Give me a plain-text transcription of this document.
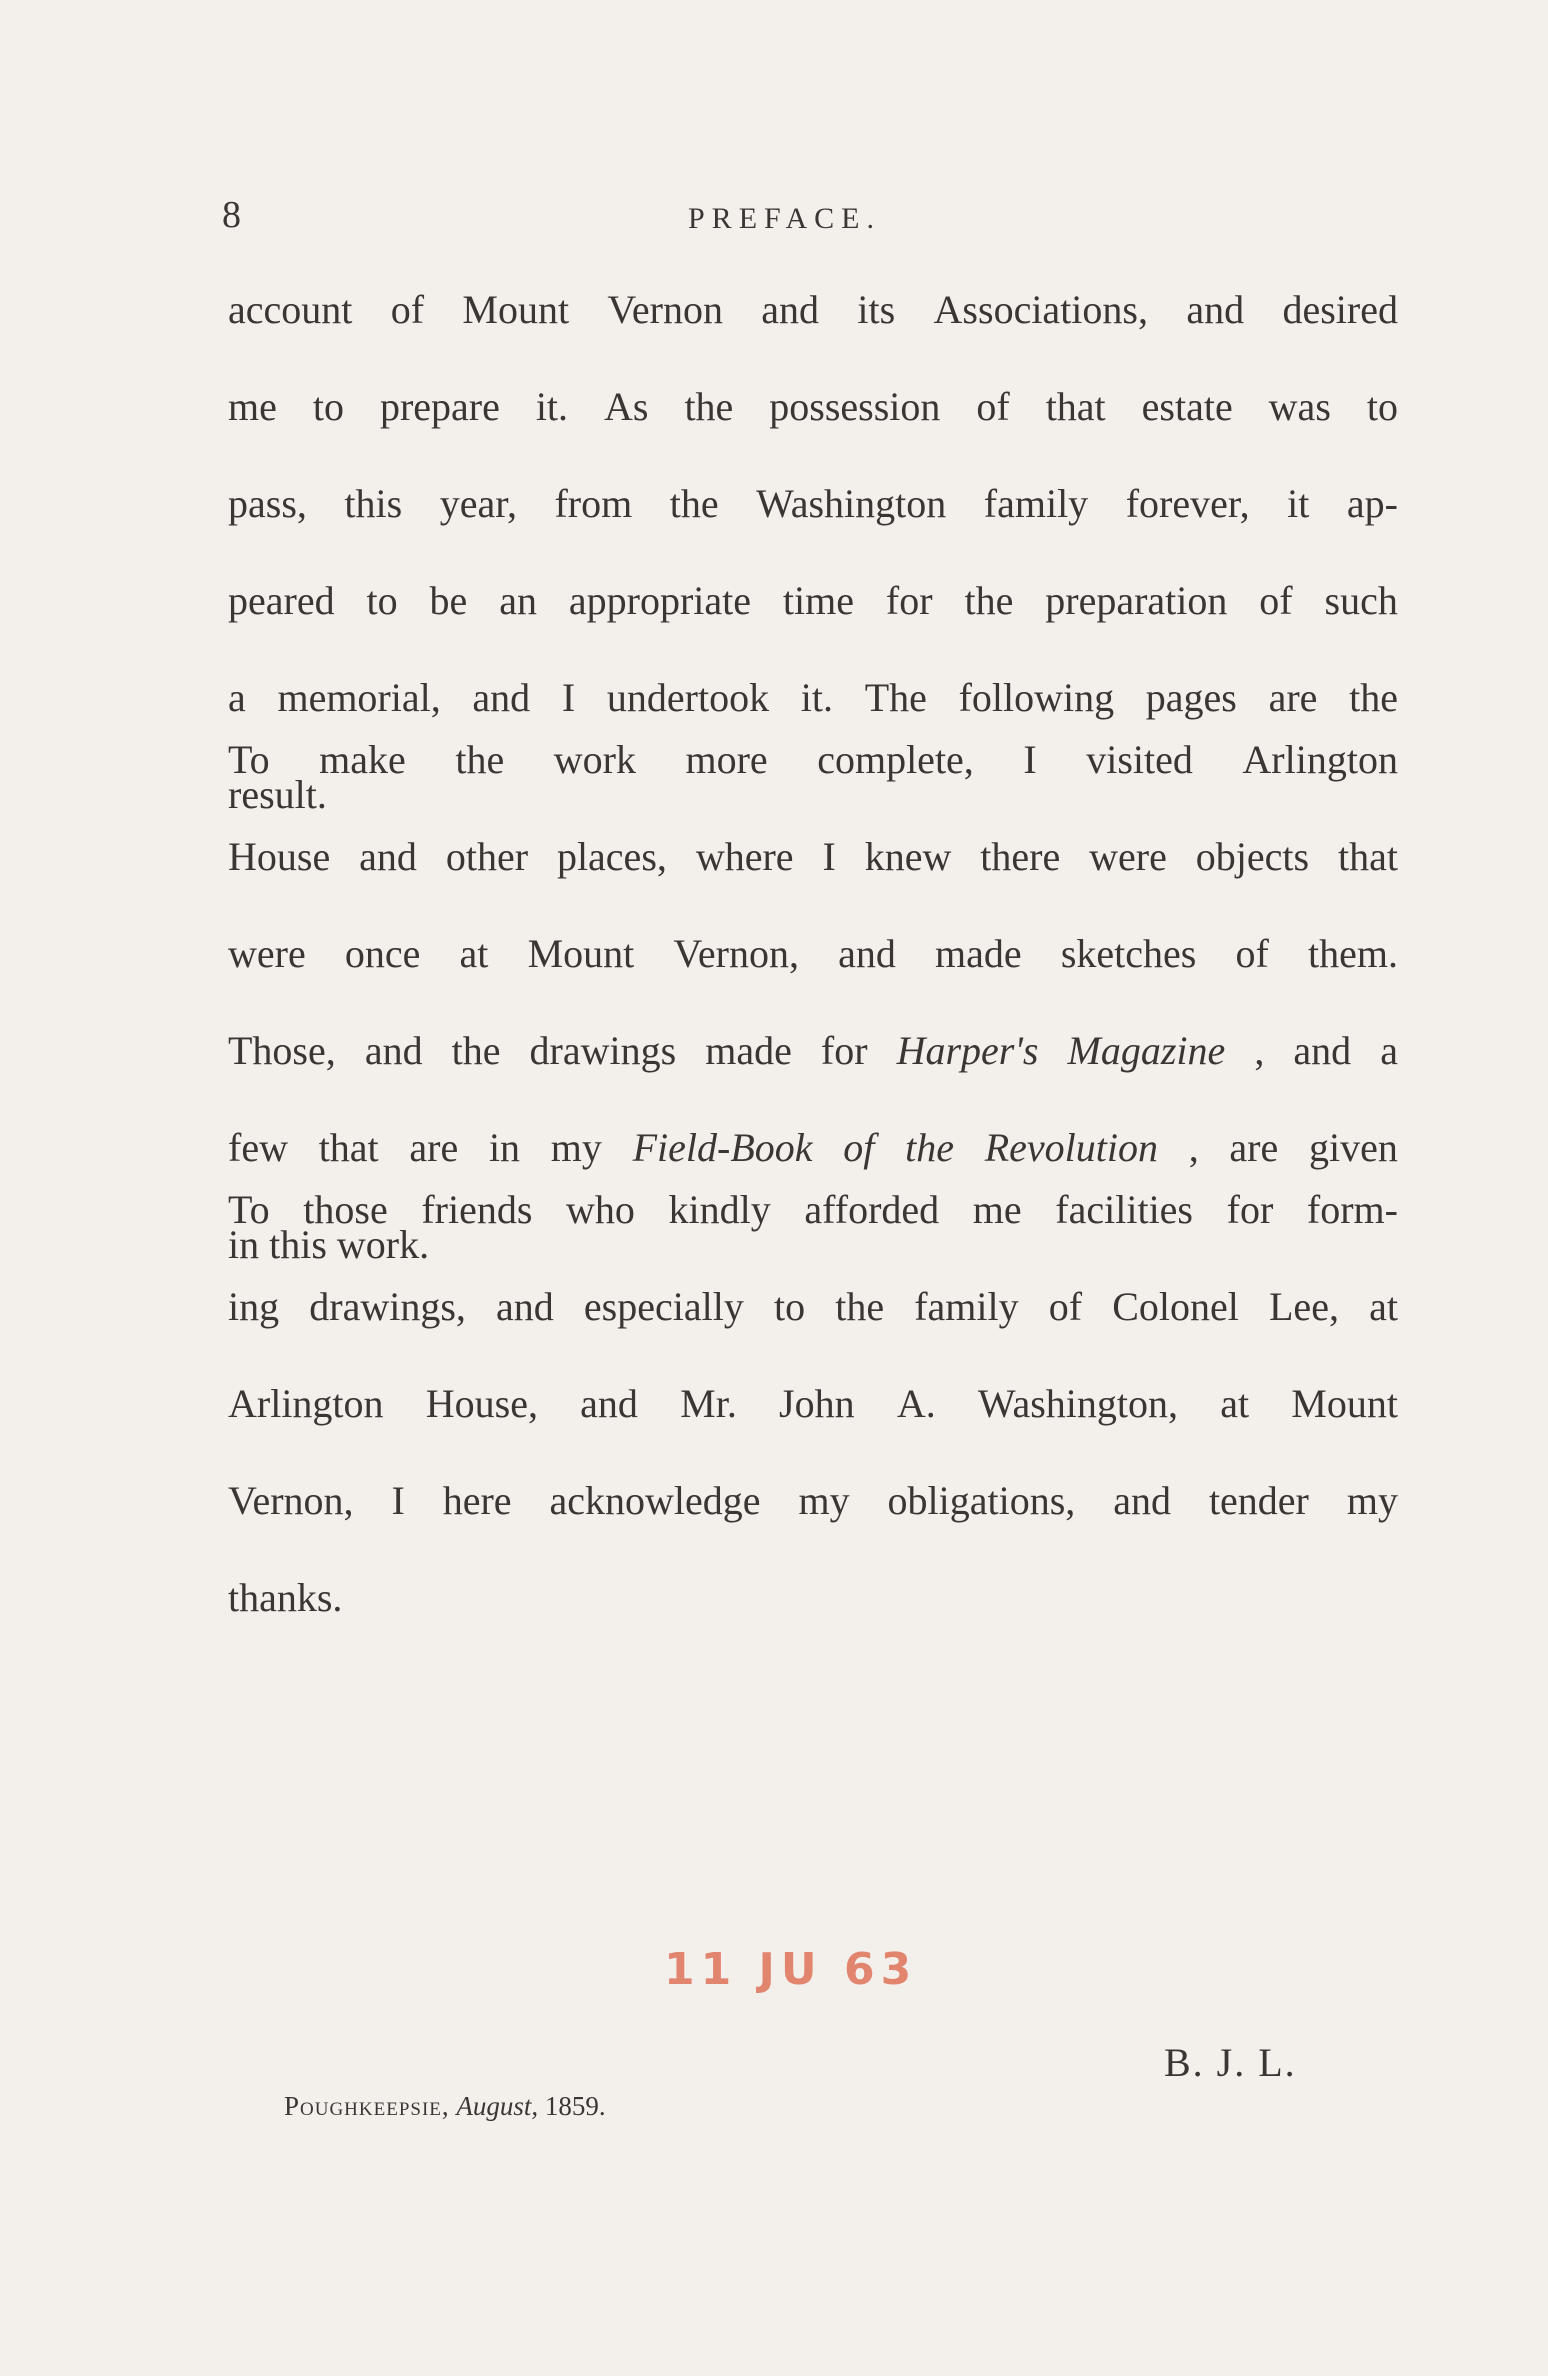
8	PREFACE.
account of Mount Vernon and its Associations, and desired
me to prepare it. As the possession of that estate was to
pass, this year, from the Washington family forever, it ap-
peared to be an appropriate time for the preparation of such
a memorial, and I undertook it. The following pages are the
result.
To make the work more complete, I visited Arlington
House and other places, where I knew there were objects that
were once at Mount Vernon, and made sketches of them.
Those, and the drawings made for Harper's Magazine , and a
few that are in my Field-Book of the Revolution , are given
in this work.
To those friends who kindly afforded me facilities for form-
ing drawings, and especially to the family of Colonel Lee, at
Arlington House, and Mr. John A. Washington, at Mount
Vernon, I here acknowledge my obligations, and tender my
thanks.
11 JU 63
B. J. L.
Poughkeepsie, August, 1859.
